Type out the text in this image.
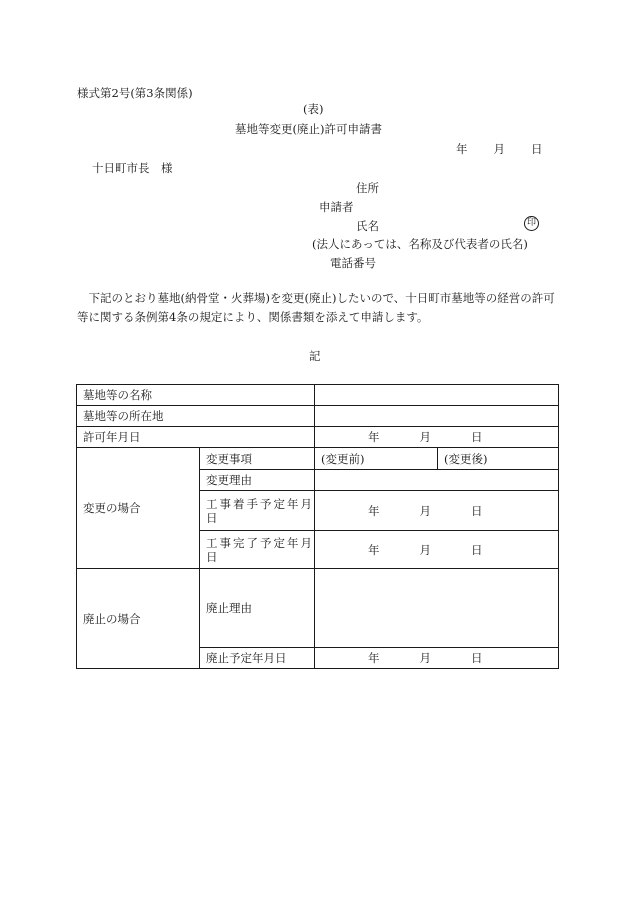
様式第2号(第3条関係)
(表)
墓地等変更(廃止)許可申請書
年 月 日
十日町市長　様
住所
申請者
氏名	印
(法人にあっては、名称及び代表者の氏名)
電話番号
下記のとおり墓地(納骨堂・火葬場)を変更(廃止)したいので、十日町市墓地等の経営の許可等に関する条例第4条の規定により、関係書類を添えて申請します。
記
墓地等の名称			
墓地等の所在地			
許可年月日		年 月 日	
変更の場合	変更事項	(変更前)	(変更後)
	変更理由		
	工事着手予定年月日	年 月 日	
	工事完了予定年月日	年 月 日	
廃止の場合	廃止理由		
	廃止予定年月日	年 月 日	
